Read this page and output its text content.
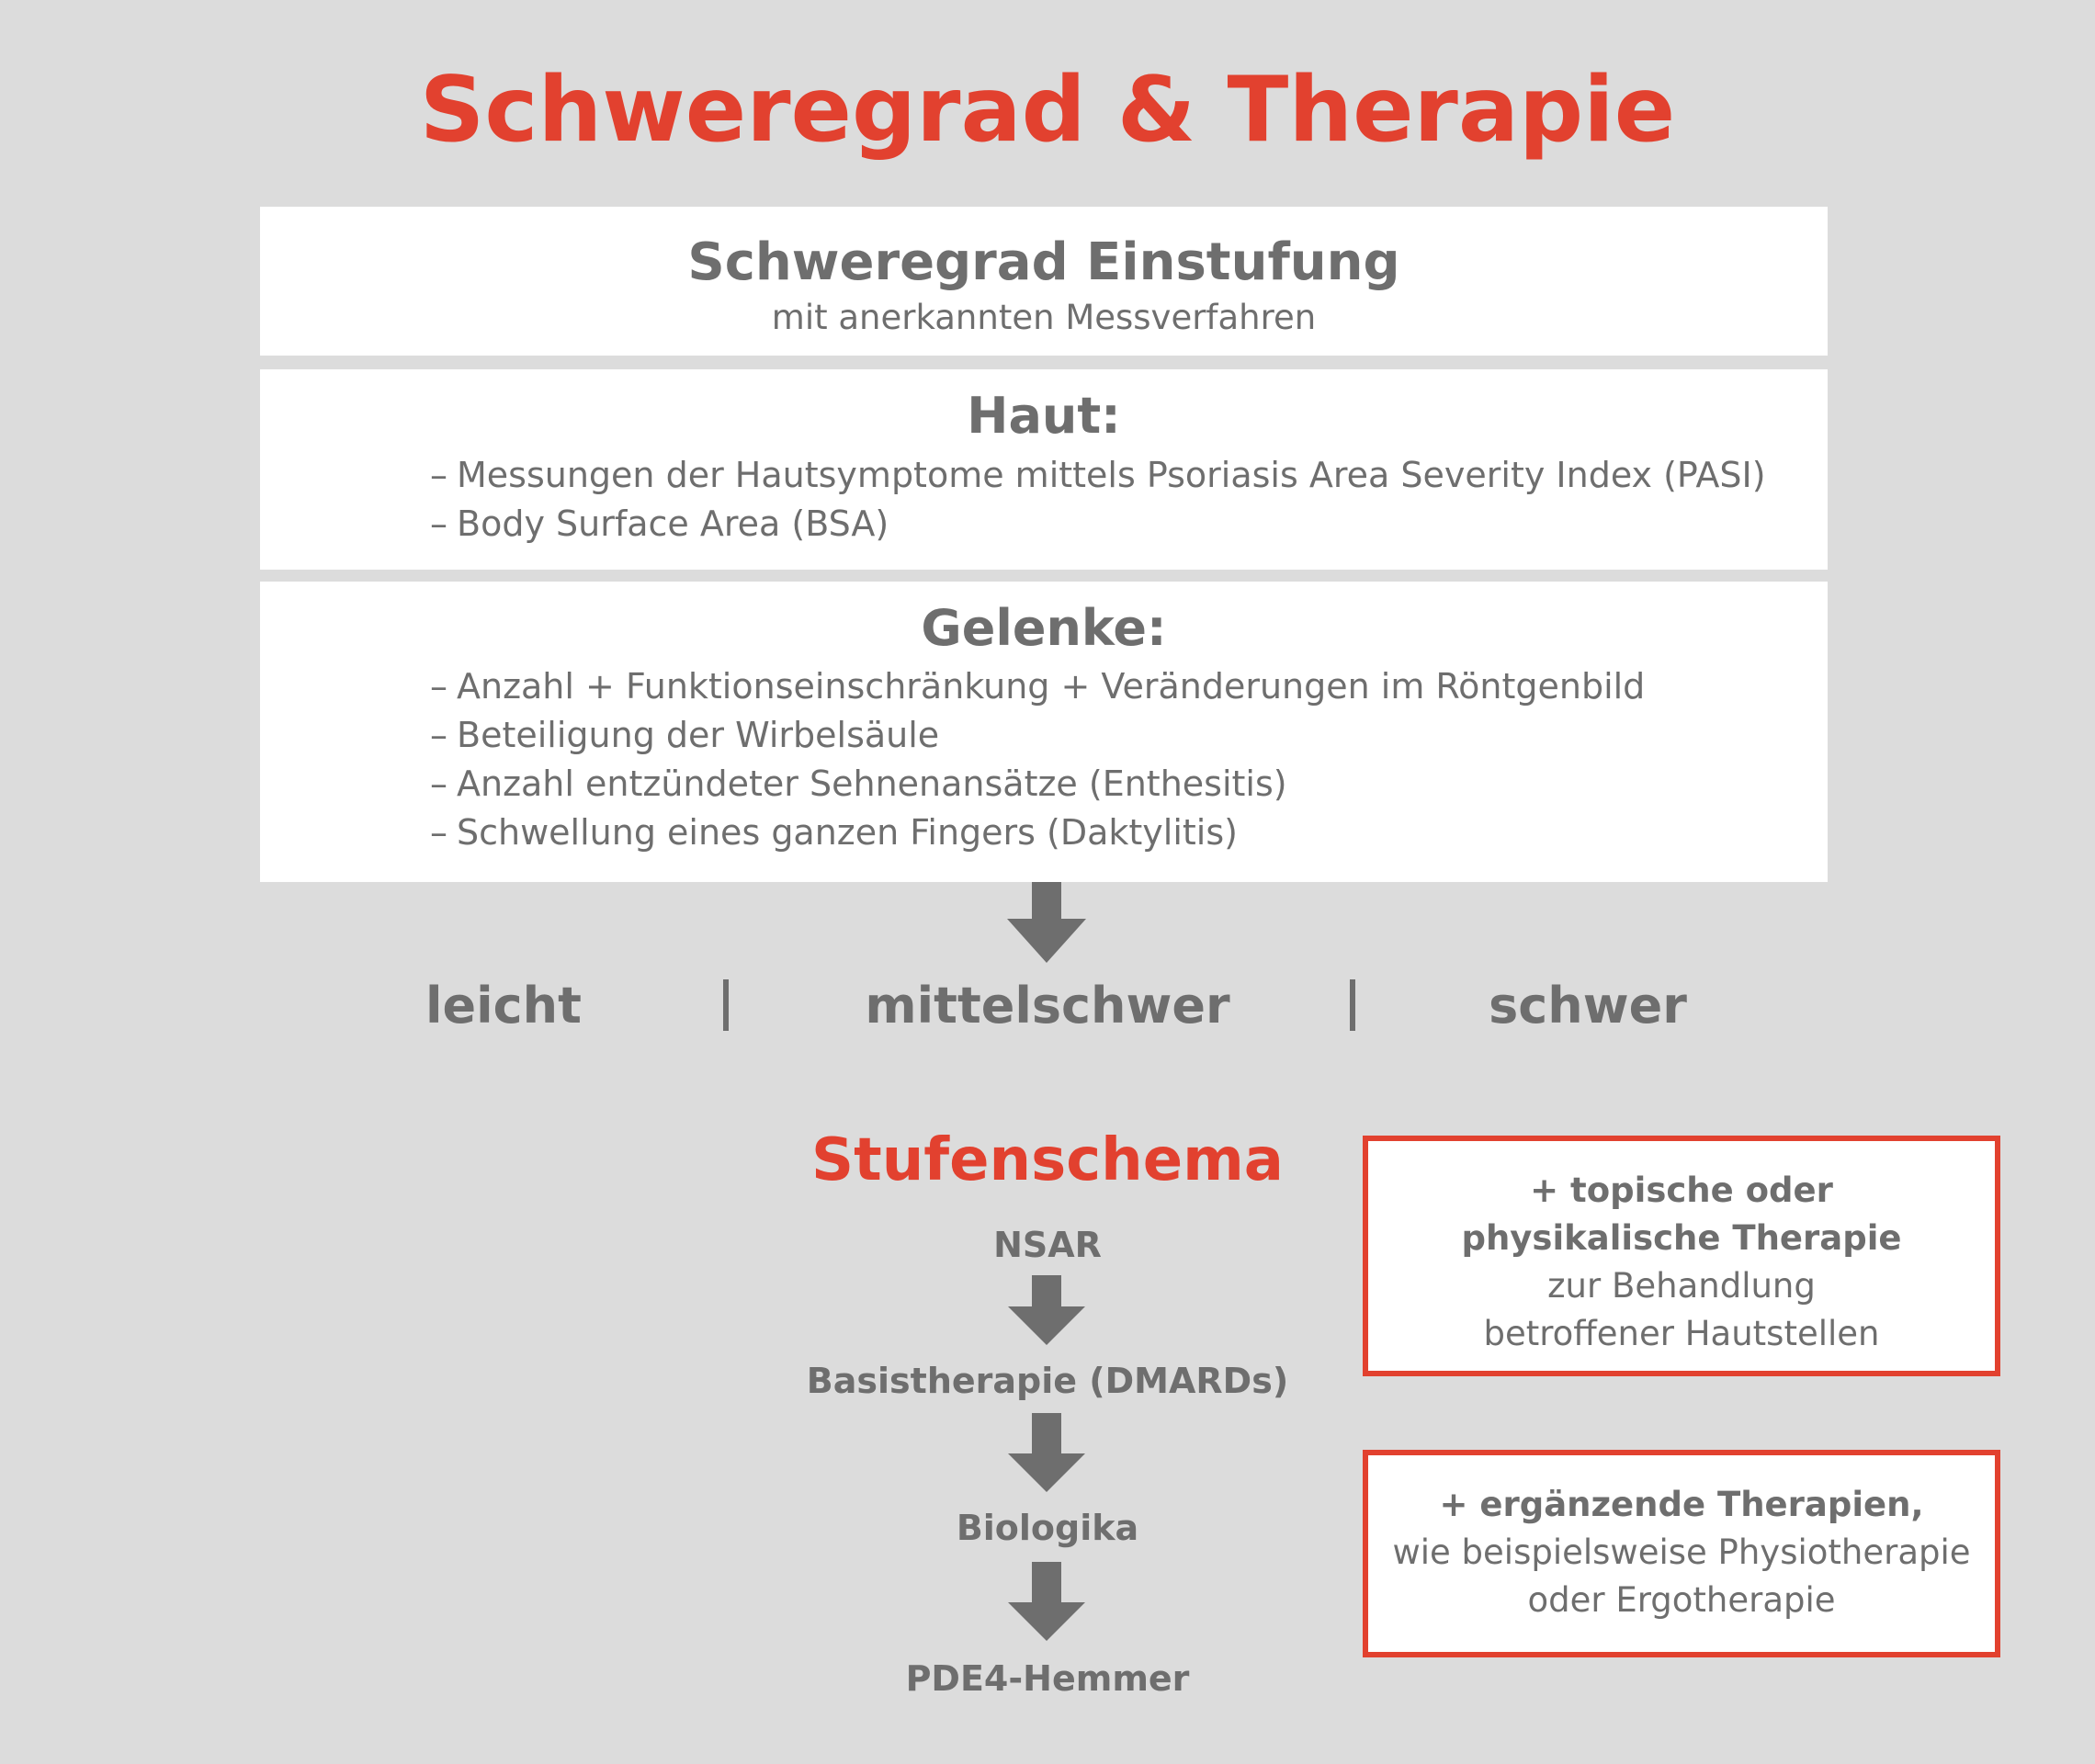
Schweregrad & Therapie
Schweregrad Einstufung
mit anerkannten Messverfahren
Haut:
– Messungen der Hautsymptome mittels Psoriasis Area Severity Index (PASI)
– Body Surface Area (BSA)
Gelenke:
– Anzahl + Funktionseinschränkung + Veränderungen im Röntgenbild
– Beteiligung der Wirbelsäule
– Anzahl entzündeter Sehnenansätze (Enthesitis)
– Schwellung eines ganzen Fingers (Daktylitis)
leicht	mittelschwer	schwer
Stufenschema
NSAR
Basistherapie (DMARDs)
Biologika
PDE4-Hemmer
+ topische oder
physikalische Therapie
zur Behandlung
betroffener Hautstellen
+ ergänzende Therapien,
wie beispielsweise Physiotherapie
oder Ergotherapie
